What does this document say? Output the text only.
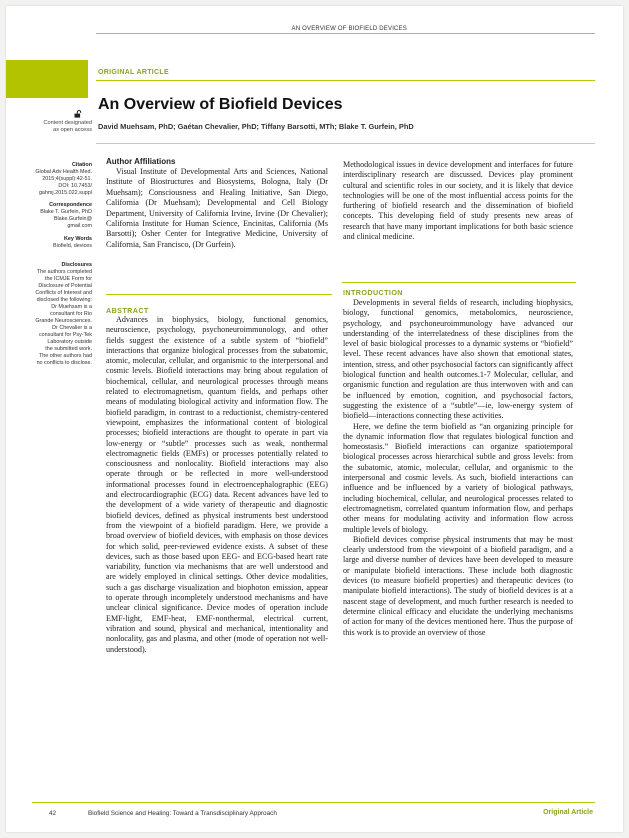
AN OVERVIEW OF BIOFIELD DEVICES
ORIGINAL ARTICLE
Content designated
as open access
An Overview of Biofield Devices
David Muehsam, PhD; Gaétan Chevalier, PhD; Tiffany Barsotti, MTh; Blake T. Gurfein, PhD
Citation
Global Adv Health Med.
2015;4(suppl):42-51.
DOI: 10.7453/
gahmj.2015.022.suppl
Correspondence
Blake T. Gurfein, PhD
Blake.Gurfein@
gmail.com
Key Words
Biofield, devices
Disclosures
The authors completed
the ICMJE Form for
Disclosure of Potential
Conflicts of Interest and
disclosed the following:
Dr Muehsam is a
consultant for Rio
Grande Neurosciences.
Dr Chevalier is a
consultant for Psy-Tek
Laboratory outside
the submitted work.
The other authors had
no conflicts to disclose.
Author Affiliations
Visual Institute of Developmental Arts and Sciences, National Institute of Biostructures and Biosystems, Bologna, Italy (Dr Muehsam); Consciousness and Healing Initiative, San Diego, California (Dr Muehsam); Developmental and Cell Biology Department, University of California Irvine, Irvine (Dr Chevalier); California Institute for Human Science, Encinitas, California (Ms Barsotti); Osher Center for Integrative Medicine, University of California, San Francisco, (Dr Gurfein).
ABSTRACT

Advances in biophysics, biology, functional genomics, neuroscience, psychology, psychoneuroimmunology, and other fields suggest the existence of a subtle system of “biofield” interactions that organize biological processes from the subatomic, atomic, molecular, cellular, and organismic to the interpersonal and cosmic levels. Biofield interactions may bring about regulation of biochemical, cellular, and neurological processes through means related to electromagnetism, quantum fields, and perhaps other means of modulating biological activity and information flow. The biofield paradigm, in contrast to a reductionist, chemistry-centered viewpoint, emphasizes the informational content of biological processes; biofield interactions are thought to operate in part via low-energy or “subtle” processes such as weak, nonthermal electromagnetic fields (EMFs) or processes potentially related to consciousness and nonlocality. Biofield interactions may also operate through or be reflected in more well-understood informational processes found in electroencephalographic (EEG) and electrocardiographic (ECG) data. Recent advances have led to the development of a wide variety of therapeutic and diagnostic biofield devices, defined as physical instruments best understood from the viewpoint of a biofield paradigm. Here, we provide a broad overview of biofield devices, with emphasis on those devices for which solid, peer-reviewed evidence exists. A subset of these devices, such as those based upon EEG- and ECG-based heart rate variability, function via mechanisms that are well understood and are widely employed in clinical settings. Other device modalities, such a gas discharge visualization and biophoton emission, appear to operate through incompletely understood mechanisms and have unclear clinical significance. Device modes of operation include EMF-light, EMF-heat, EMF-nonthermal, electrical current, vibration and sound, physical and mechanical, intentionality and nonlocality, gas and plasma, and other (mode of operation not well-understood).

Methodological issues in device development and interfaces for future interdisciplinary research are discussed. Devices play prominent cultural and scientific roles in our society, and it is likely that device technologies will be one of the most influential access points for the furthering of biofield research and the dissemination of biofield concepts. This developing field of study presents new areas of research that have many important implications for both basic science and clinical medicine.

INTRODUCTION

Developments in several fields of research, including biophysics, biology, functional genomics, metabolomics, neuroscience, psychology, and psychoneuroimmunology have advanced our understanding of the interrelatedness of these disciplines from the level of basic biological processes to a dynamic systems or “biofield” level. These recent advances have also shown that emotional states, intention, stress, and other psychosocial factors can significantly affect biological function and health outcomes.1-7 Molecular, cellular, and organismic function and regulation are thus interwoven with and can be influenced by emotion, cognition, and psychosocial factors, suggesting the existence of a “subtle”—ie, low-energy system of biofield—interactions connecting these activities.

Here, we define the term biofield as “an organizing principle for the dynamic information flow that regulates biological function and homeostasis.” Biofield interactions can organize spatiotemporal biological processes across hierarchical subtle and gross levels: from the subatomic, atomic, molecular, cellular, and organismic to the interpersonal and cosmic levels. As such, biofield interactions can influence and be influenced by a variety of biological pathways, including biochemical, cellular, and neurological processes related to electromagnetism, correlated quantum information flow, and perhaps other means for modulating activity and information flow across multiple levels of biology.

Biofield devices comprise physical instruments that may be most clearly understood from the viewpoint of a biofield paradigm, and a large and diverse number of devices have been developed to measure or manipulate biofield interactions. These include both diagnostic devices (to measure biofield properties) and therapeutic devices (to manipulate biofield interactions). The study of biofield devices is at a nascent stage of development, and much further research is needed to determine clinical efficacy and elucidate the underlying mechanisms of action for many of the devices mentioned here. Thus the purpose of this work is to provide an overview of those

42	Biofield Science and Healing: Toward a Transdisciplinary Approach	Original Article
